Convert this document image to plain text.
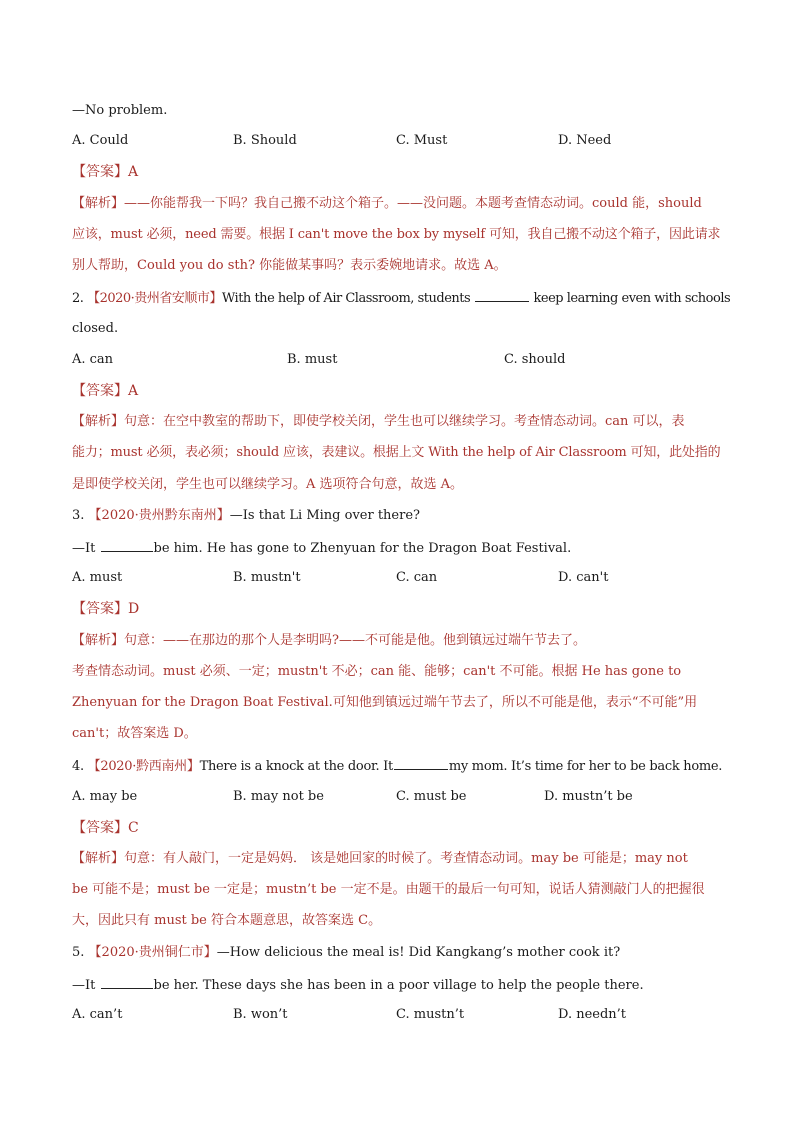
—No problem.
A. Could	B. Should	C. Must	D. Need
【答案】A
【解析】——你能帮我一下吗？我自己搬不动这个箱子。——没问题。本题考查情态动词。could 能，should
应该，must 必须，need 需要。根据 I can't move the box by myself 可知，我自己搬不动这个箱子，因此请求
别人帮助，Could you do sth? 你能做某事吗？表示委婉地请求。故选 A。
2. 【2020·贵州省安顺市】With the help of Air Classroom, students	keep learning even with schools
closed.
A. can	B. must	C. should
【答案】A
【解析】句意：在空中教室的帮助下，即使学校关闭，学生也可以继续学习。考查情态动词。can 可以，表
能力；must 必须，表必须；should 应该，表建议。根据上文 With the help of Air Classroom 可知，此处指的
是即使学校关闭，学生也可以继续学习。A 选项符合句意，故选 A。
3. 【2020·贵州黔东南州】—Is that Li Ming over there?
—It	be him. He has gone to Zhenyuan for the Dragon Boat Festival.
A. must	B. mustn't	C. can	D. can't
【答案】D
【解析】句意：——在那边的那个人是李明吗?——不可能是他。他到镇远过端午节去了。
考查情态动词。must 必须、一定；mustn't 不必；can 能、能够；can't 不可能。根据 He has gone to
Zhenyuan for the Dragon Boat Festival.可知他到镇远过端午节去了，所以不可能是他，表示“不可能”用
can't；故答案选 D。
4. 【2020·黔西南州】There is a knock at the door. It	my mom. It’s time for her to be back home.
A. may be	B. may not be	C. must be	D. mustn’t be
【答案】C
【解析】句意：有人敲门，一定是妈妈． 该是她回家的时候了。考查情态动词。may be 可能是；may not
be 可能不是；must be 一定是；mustn’t be 一定不是。由题干的最后一句可知，说话人猜测敲门人的把握很
大，因此只有 must be 符合本题意思，故答案选 C。
5. 【2020·贵州铜仁市】—How delicious the meal is! Did Kangkang’s mother cook it?
—It	be her. These days she has been in a poor village to help the people there.
A. can’t	B. won’t	C. mustn’t	D. needn’t
